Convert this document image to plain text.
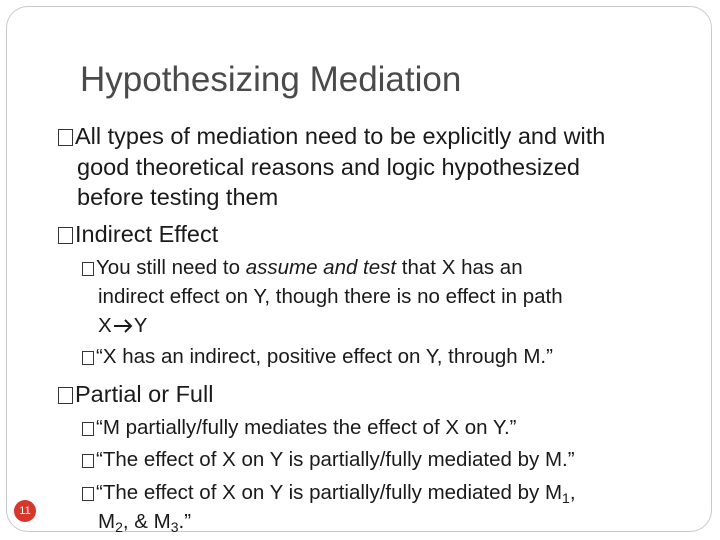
Hypothesizing Mediation
All types of mediation need to be explicitly and with
good theoretical reasons and logic hypothesized
before testing them
Indirect Effect
You still need to assume and test that X has an
indirect effect on Y, though there is no effect in path
X Y
“X has an indirect, positive effect on Y, through M.”
Partial or Full
“M partially/fully mediates the effect of X on Y.”
“The effect of X on Y is partially/fully mediated by M.”
“The effect of X on Y is partially/fully mediated by $M_1$,
$M_2$, & $M_3$.”
11
